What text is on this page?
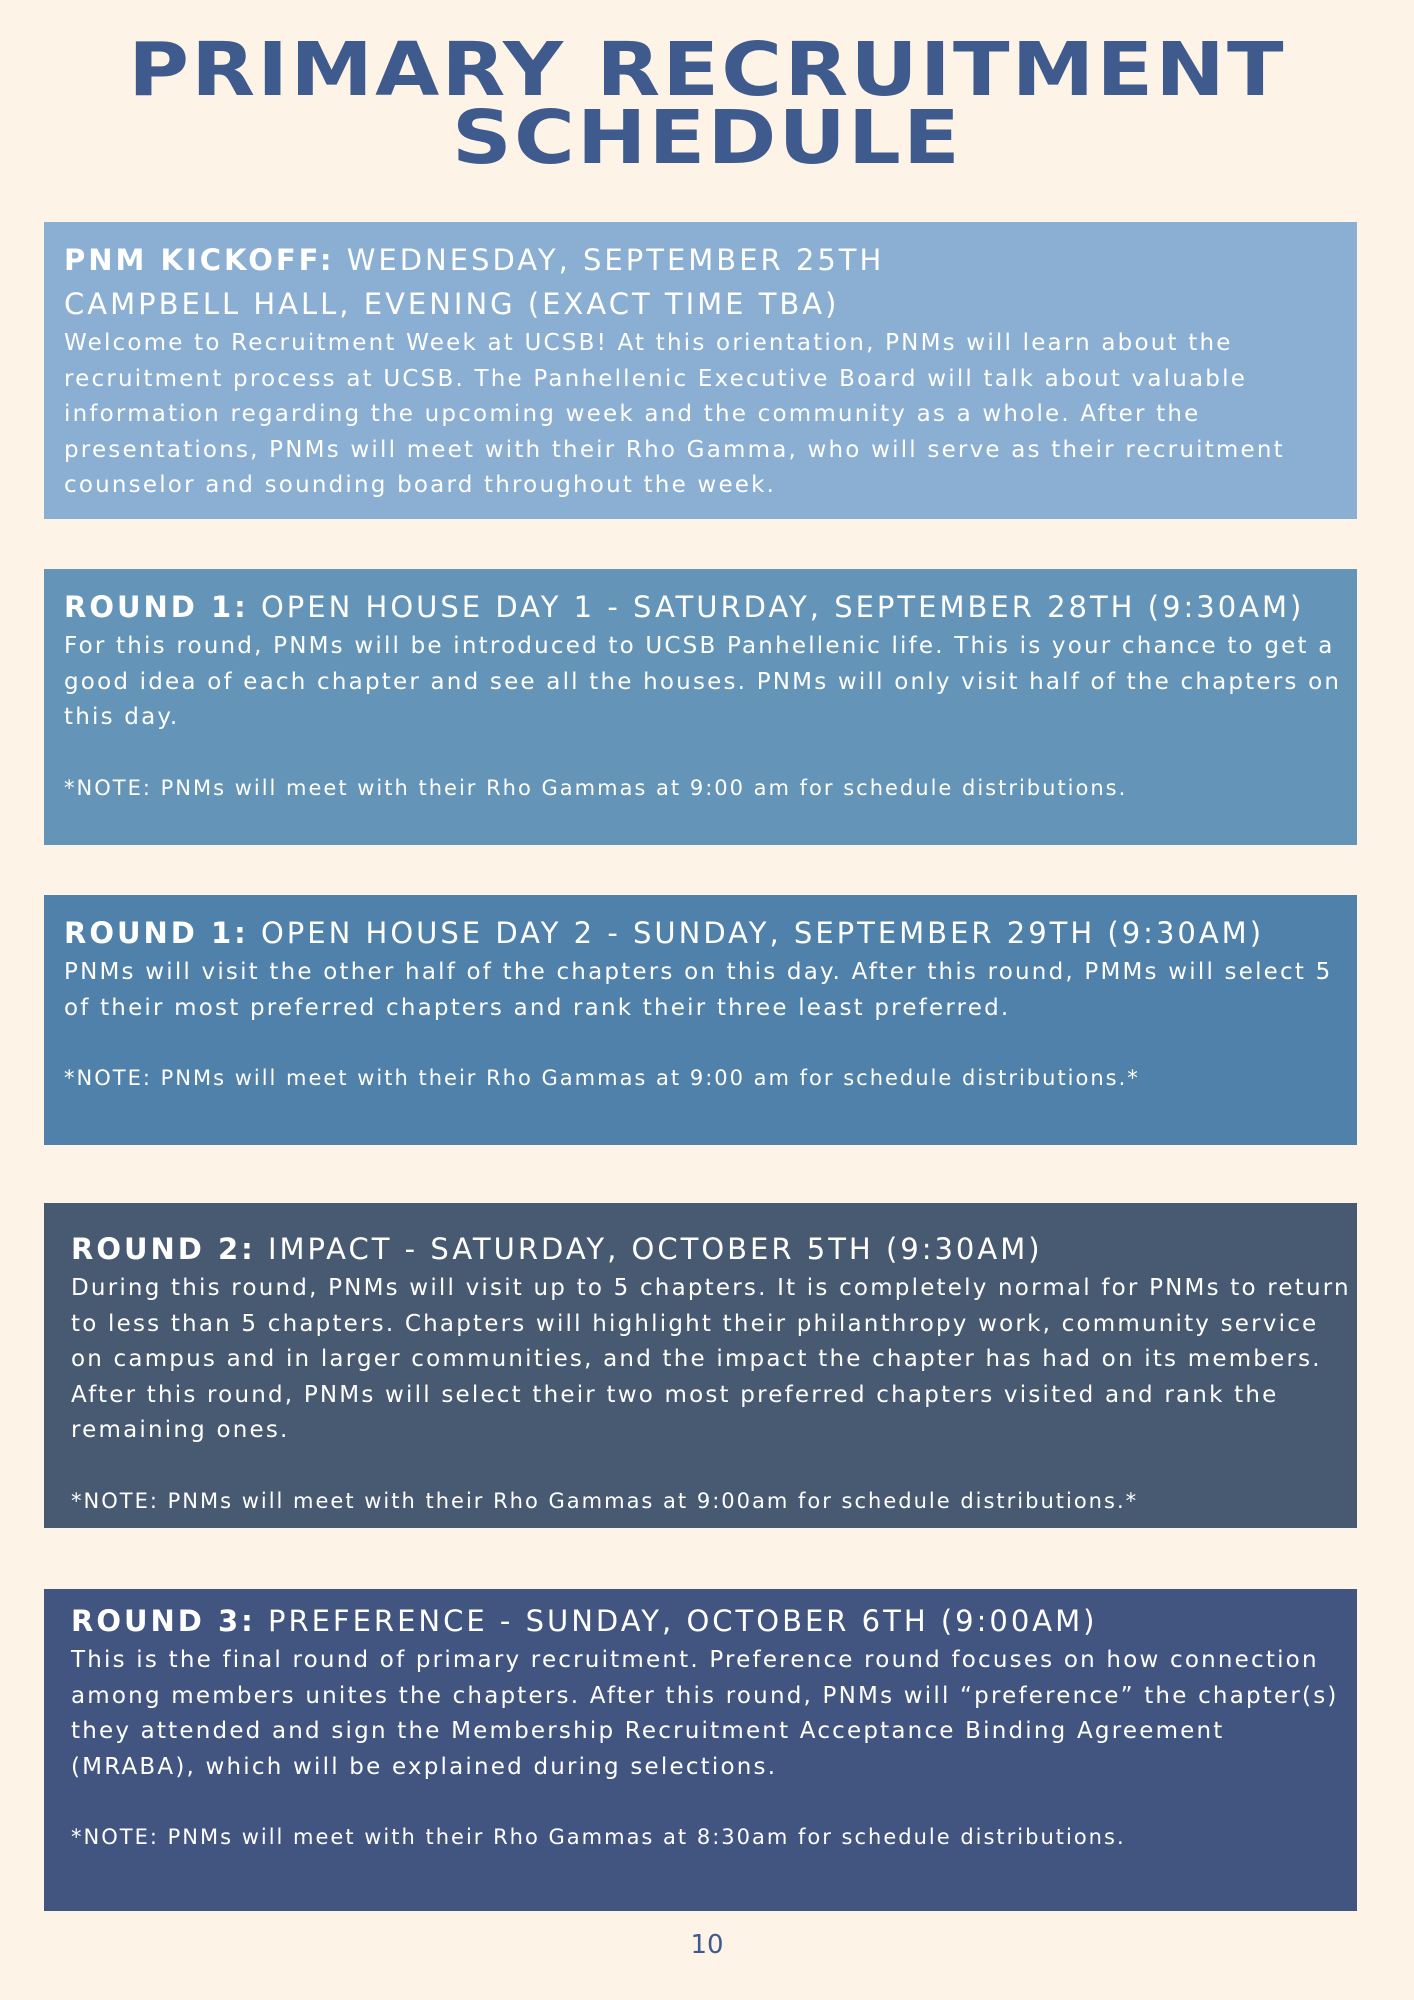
PRIMARY RECRUITMENT
SCHEDULE
PNM KICKOFF: WEDNESDAY, SEPTEMBER 25TH
CAMPBELL HALL, EVENING (EXACT TIME TBA)

Welcome to Recruitment Week at UCSB! At this orientation, PNMs will learn about the recruitment process at UCSB. The Panhellenic Executive Board will talk about valuable information regarding the upcoming week and the community as a whole. After the presentations, PNMs will meet with their Rho Gamma, who will serve as their recruitment counselor and sounding board throughout the week.

ROUND 1: OPEN HOUSE DAY 1 - SATURDAY, SEPTEMBER 28TH (9:30AM)

For this round, PNMs will be introduced to UCSB Panhellenic life. This is your chance to get a good idea of each chapter and see all the houses. PNMs will only visit half of the chapters on this day.

*NOTE: PNMs will meet with their Rho Gammas at 9:00 am for schedule distributions.
ROUND 1: OPEN HOUSE DAY 2 - SUNDAY, SEPTEMBER 29TH (9:30AM)

PNMs will visit the other half of the chapters on this day. After this round, PMMs will select 5 of their most preferred chapters and rank their three least preferred.

*NOTE: PNMs will meet with their Rho Gammas at 9:00 am for schedule distributions.*
ROUND 2: IMPACT - SATURDAY, OCTOBER 5TH (9:30AM)

During this round, PNMs will visit up to 5 chapters. It is completely normal for PNMs to return to less than 5 chapters. Chapters will highlight their philanthropy work, community service on campus and in larger communities, and the impact the chapter has had on its members. After this round, PNMs will select their two most preferred chapters visited and rank the remaining ones.

*NOTE: PNMs will meet with their Rho Gammas at 9:00am for schedule distributions.*
ROUND 3: PREFERENCE - SUNDAY, OCTOBER 6TH (9:00AM)

This is the final round of primary recruitment. Preference round focuses on how connection among members unites the chapters. After this round, PNMs will “preference” the chapter(s) they attended and sign the Membership Recruitment Acceptance Binding Agreement (MRABA), which will be explained during selections.

*NOTE: PNMs will meet with their Rho Gammas at 8:30am for schedule distributions.
10
